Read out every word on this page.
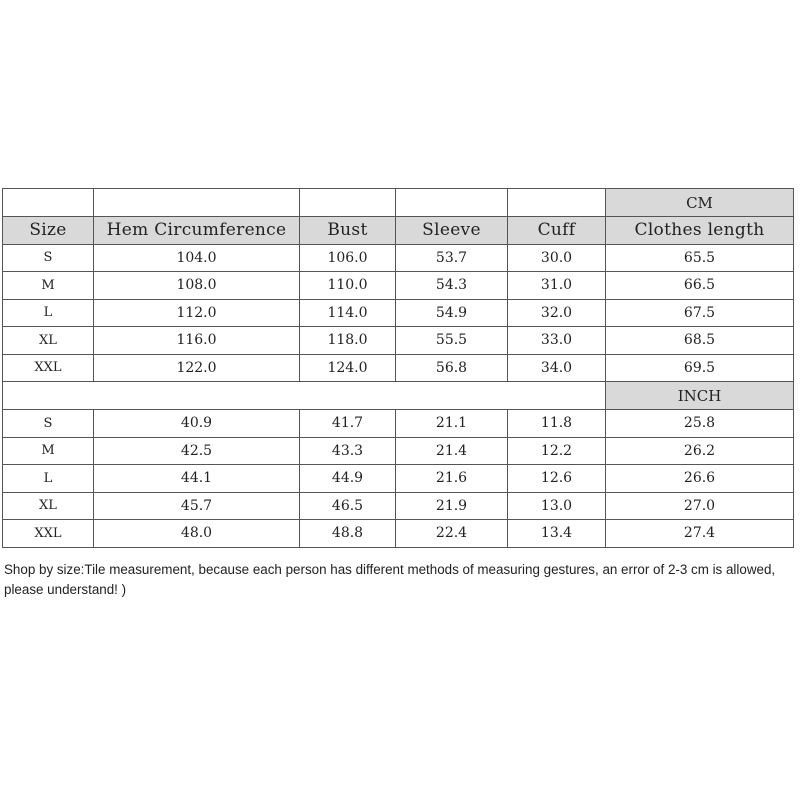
					CM
Size	Hem Circumference	Bust	Sleeve	Cuff	Clothes length
S	104.0	106.0	53.7	30.0	65.5
M	108.0	110.0	54.3	31.0	66.5
L	112.0	114.0	54.9	32.0	67.5
XL	116.0	118.0	55.5	33.0	68.5
XXL	122.0	124.0	56.8	34.0	69.5
					INCH
S	40.9	41.7	21.1	11.8	25.8
M	42.5	43.3	21.4	12.2	26.2
L	44.1	44.9	21.6	12.6	26.6
XL	45.7	46.5	21.9	13.0	27.0
XXL	48.0	48.8	22.4	13.4	27.4

Shop by size:Tile measurement, because each person has different methods of measuring gestures, an error of 2-3 cm is allowed, please understand! )
